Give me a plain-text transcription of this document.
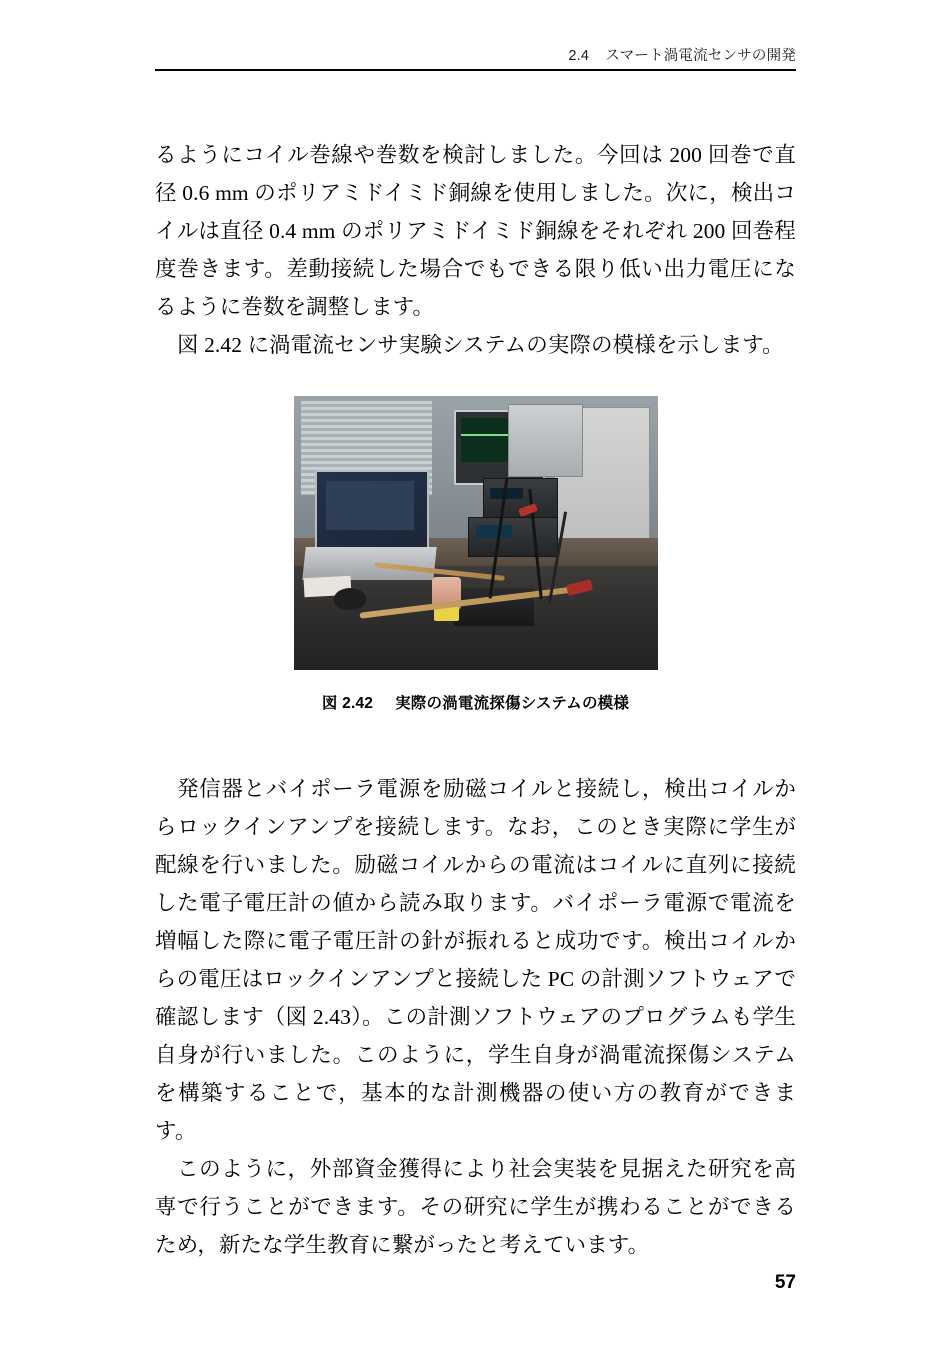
2.4 スマート渦電流センサの開発

るようにコイル巻線や巻数を検討しました。今回は 200 回巻で直径 0.6 mm のポリアミドイミド銅線を使用しました。次に，検出コイルは直径 0.4 mm のポリアミドイミド銅線をそれぞれ 200 回巻程度巻きます。差動接続した場合でもできる限り低い出力電圧になるように巻数を調整します。

図 2.42 に渦電流センサ実験システムの実際の模様を示します。

図 2.42 実際の渦電流探傷システムの模様

発信器とバイポーラ電源を励磁コイルと接続し，検出コイルからロックインアンプを接続します。なお，このとき実際に学生が配線を行いました。励磁コイルからの電流はコイルに直列に接続した電子電圧計の値から読み取ります。バイポーラ電源で電流を増幅した際に電子電圧計の針が振れると成功です。検出コイルからの電圧はロックインアンプと接続した PC の計測ソフトウェアで確認します（図 2.43）。この計測ソフトウェアのプログラムも学生自身が行いました。このように，学生自身が渦電流探傷システムを構築することで，基本的な計測機器の使い方の教育ができます。

このように，外部資金獲得により社会実装を見据えた研究を高専で行うことができます。その研究に学生が携わることができるため，新たな学生教育に繋がったと考えています。

57
